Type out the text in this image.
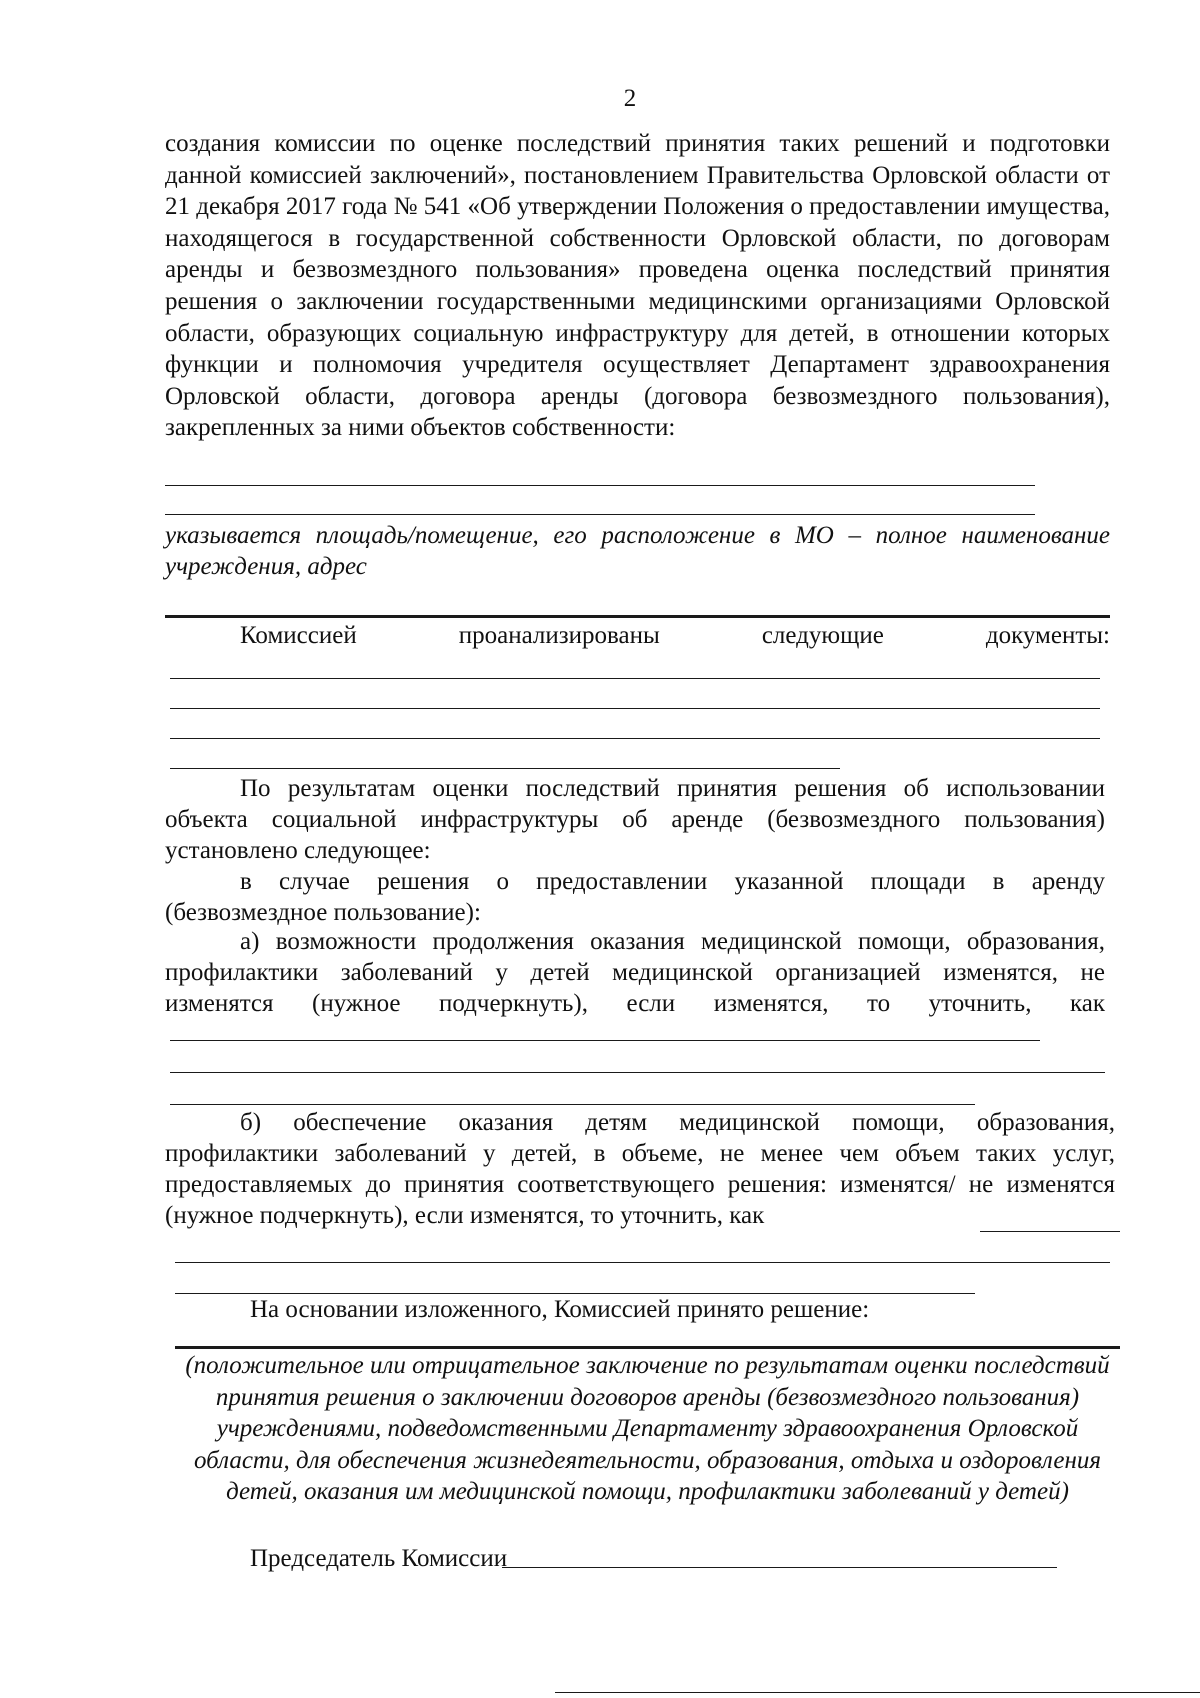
2
создания комиссии по оценке последствий принятия таких решений и подготовки данной комиссией заключений», постановлением Правительства Орловской области от 21 декабря 2017 года № 541 «Об утверждении Положения о предоставлении имущества, находящегося в государственной собственности Орловской области, по договорам аренды и безвозмездного пользования» проведена оценка последствий принятия решения о заключении государственными медицинскими организациями Орловской области, образующих социальную инфраструктуру для детей, в отношении которых функции и полномочия учредителя осуществляет Департамент здравоохранения Орловской области, договора аренды (договора безвозмездного пользования), закрепленных за ними объектов собственности:
указывается площадь/помещение, его расположение в МО – полное наименование учреждения, адрес
Комиссией	проанализированы	следующие	документы:
По результатам оценки последствий принятия решения об использовании объекта социальной инфраструктуры об аренде (безвозмездного пользования) установлено следующее:
в случае решения о предоставлении указанной площади в аренду (безвозмездное пользование):
а) возможности продолжения оказания медицинской помощи, образования, профилактики заболеваний у детей медицинской организацией изменятся, не изменятся (нужное подчеркнуть), если изменятся, то уточнить, как
б) обеспечение оказания детям медицинской помощи, образования, профилактики заболеваний у детей, в объеме, не менее чем объем таких услуг, предоставляемых до принятия соответствующего решения: изменятся/ не изменятся (нужное подчеркнуть), если изменятся, то уточнить, как
На основании изложенного, Комиссией принято решение:
(положительное или отрицательное заключение по результатам оценки последствий принятия решения о заключении договоров аренды (безвозмездного пользования) учреждениями, подведомственными Департаменту здравоохранения Орловской области, для обеспечения жизнедеятельности, образования, отдыха и оздоровления детей, оказания им медицинской помощи, профилактики заболеваний у детей)
Председатель Комиссии
